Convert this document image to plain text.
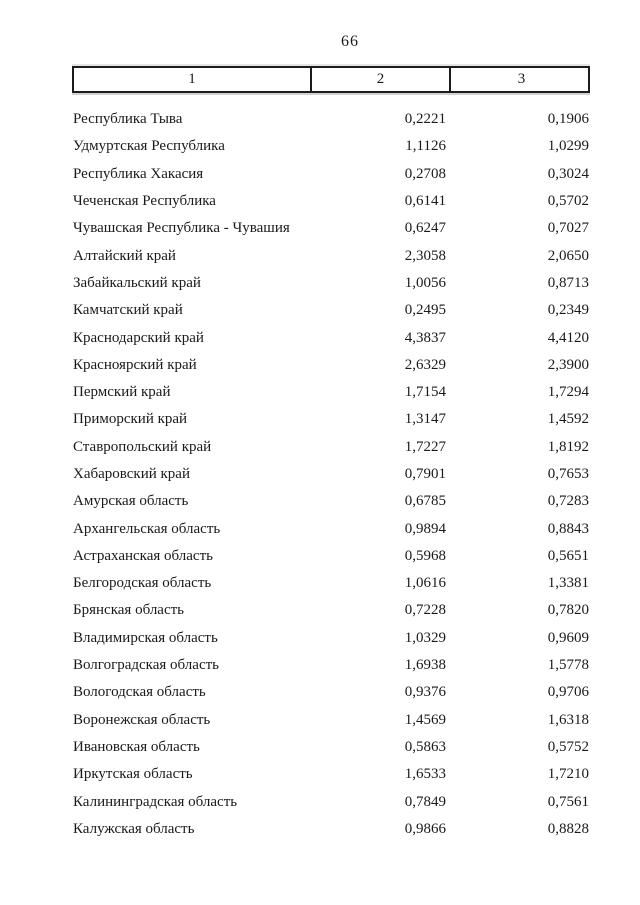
66
1	2	3
Республика Тыва	0,2221	0,1906
Удмуртская Республика	1,1126	1,0299
Республика Хакасия	0,2708	0,3024
Чеченская Республика	0,6141	0,5702
Чувашская Республика - Чувашия	0,6247	0,7027
Алтайский край	2,3058	2,0650
Забайкальский край	1,0056	0,8713
Камчатский край	0,2495	0,2349
Краснодарский край	4,3837	4,4120
Красноярский край	2,6329	2,3900
Пермский край	1,7154	1,7294
Приморский край	1,3147	1,4592
Ставропольский край	1,7227	1,8192
Хабаровский край	0,7901	0,7653
Амурская область	0,6785	0,7283
Архангельская область	0,9894	0,8843
Астраханская область	0,5968	0,5651
Белгородская область	1,0616	1,3381
Брянская область	0,7228	0,7820
Владимирская область	1,0329	0,9609
Волгоградская область	1,6938	1,5778
Вологодская область	0,9376	0,9706
Воронежская область	1,4569	1,6318
Ивановская область	0,5863	0,5752
Иркутская область	1,6533	1,7210
Калининградская область	0,7849	0,7561
Калужская область	0,9866	0,8828
